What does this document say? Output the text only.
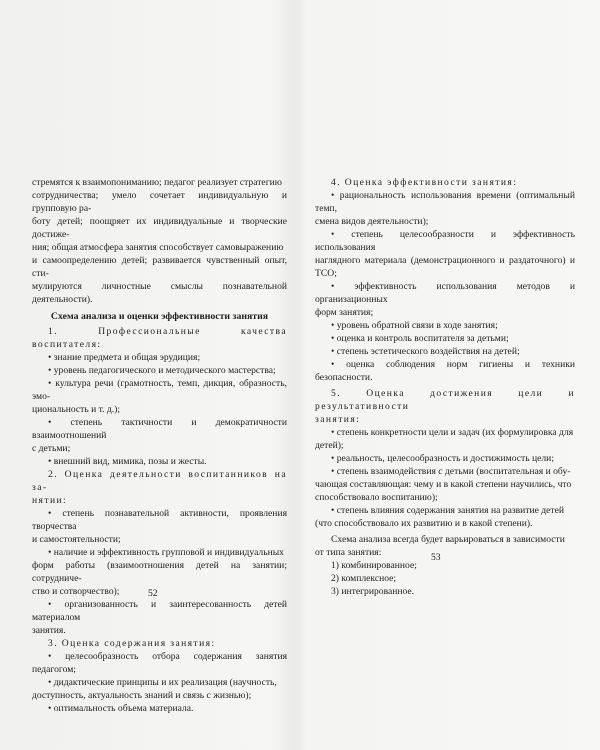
стремятся к взаимопониманию; педагог реализует стратегию
сотрудничества; умело сочетает индивидуальную и групповую ра-
боту детей; поощряет их индивидуальные и творческие достиже-
ния; общая атмосфера занятия способствует самовыражению
и самоопределению детей; развивается чувственный опыт, сти-
мулируются личностные смыслы познавательной деятельности).

Схема анализа и оценки эффективности занятия

1. Профессиональные качества воспитателя:

• знание предмета и общая эрудиция;

• уровень педагогического и методического мастерства;

• культура речи (грамотность, темп, дикция, образность, эмо-
циональность и т. д.);

• степень тактичности и демократичности взаимоотношений
с детьми;

• внешний вид, мимика, позы и жесты.

2. Оценка деятельности воспитанников на за-
нятии:

• степень познавательной активности, проявления творчества
и самостоятельности;

• наличие и эффективность групповой и индивидуальных
форм работы (взаимоотношения детей на занятии; сотрудниче-
ство и сотворчество);

• организованность и заинтересованность детей материалом
занятия.

3. Оценка содержания занятия:

• целесообразность отбора содержания занятия педагогом;

• дидактические принципы и их реализация (научность,
доступность, актуальность знаний и связь с жизнью);

• оптимальность объема материала.

52

4. Оценка эффективности занятия:

• рациональность использования времени (оптимальный темп,
смена видов деятельности);

• степень целесообразности и эффективность использования
наглядного материала (демонстрационного и раздаточного) и ТСО;

• эффективность использования методов и организационных
форм занятия;

• уровень обратной связи в ходе занятия;

• оценка и контроль воспитателя за детьми;

• степень эстетического воздействия на детей;

• оценка соблюдения норм гигиены и техники безопасности.

5. Оценка достижения цели и результативности
занятия:

• степень конкретности цели и задач (их формулировка для
детей);

• реальность, целесообразность и достижимость цели;

• степень взаимодействия с детьми (воспитательная и обу-
чающая составляющая: чему и в какой степени научились, что
способствовало воспитанию);

• степень влияния содержания занятия на развитие детей
(что способствовало их развитию и в какой степени).

Схема анализа всегда будет варьироваться в зависимости
от типа занятия:

1) комбинированное;

2) комплексное;

3) интегрированное.

53
